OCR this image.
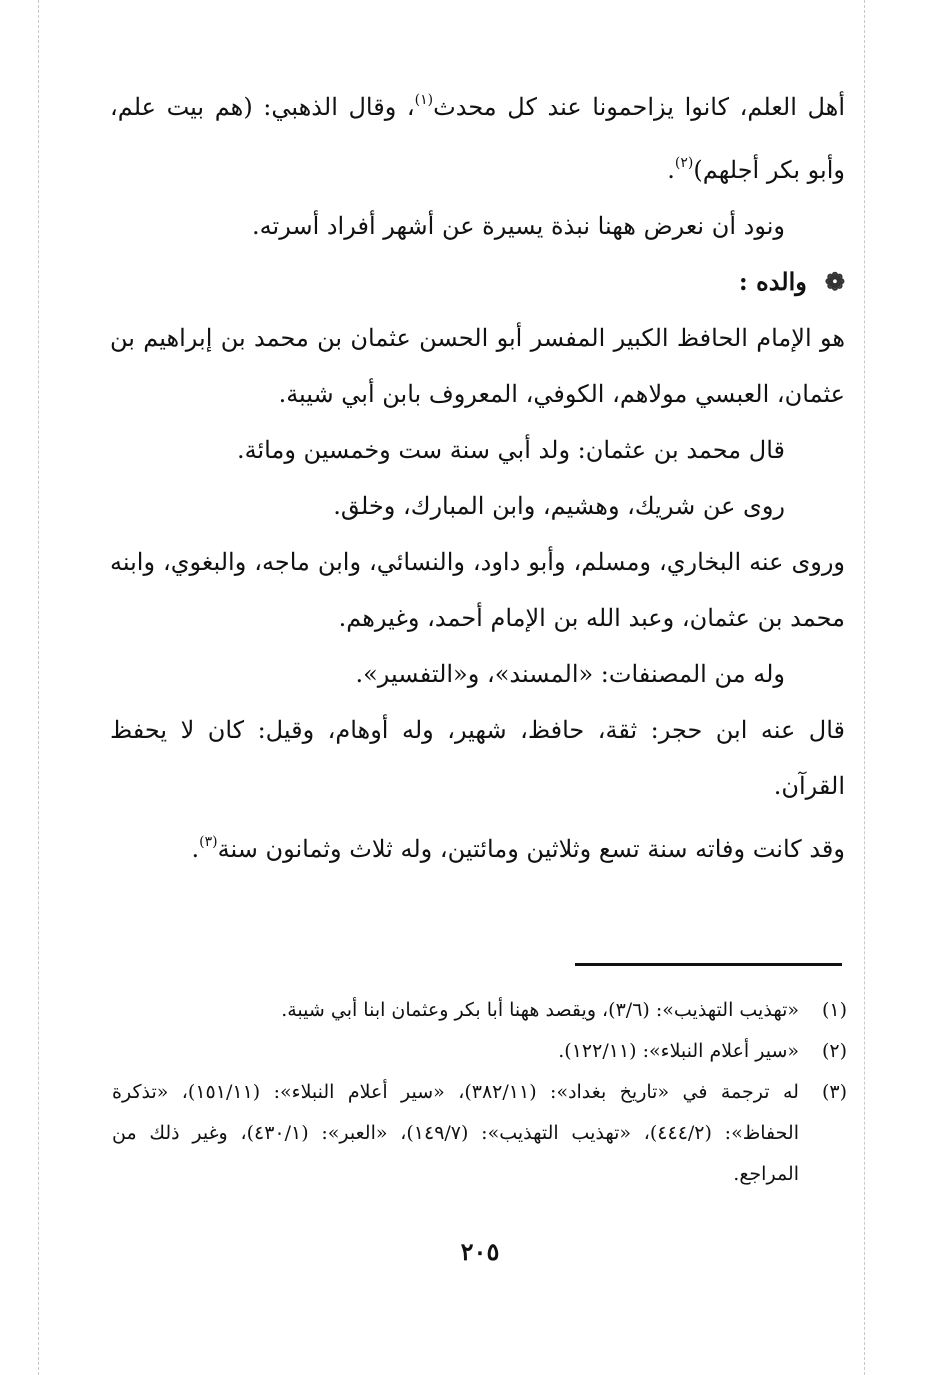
أهل العلم، كانوا يزاحمونا عند كل محدث$^{(١)}$، وقال الذهبي: (هم بيت علم، وأبو بكر أجلهم)$^{(٢)}$.

ونود أن نعرض ههنا نبذة يسيرة عن أشهر أفراد أسرته.

❁والده :

هو الإمام الحافظ الكبير المفسر أبو الحسن عثمان بن محمد بن إبراهيم بن عثمان، العبسي مولاهم، الكوفي، المعروف بابن أبي شيبة.

قال محمد بن عثمان: ولد أبي سنة ست وخمسين ومائة.

روى عن شريك، وهشيم، وابن المبارك، وخلق.

وروى عنه البخاري، ومسلم، وأبو داود، والنسائي، وابن ماجه، والبغوي، وابنه محمد بن عثمان، وعبد الله بن الإمام أحمد، وغيرهم.

وله من المصنفات: «المسند»، و«التفسير».

قال عنه ابن حجر: ثقة، حافظ، شهير، وله أوهام، وقيل: كان لا يحفظ القرآن.

وقد كانت وفاته سنة تسع وثلاثين ومائتين، وله ثلاث وثمانون سنة$^{(٣)}$.

(١)
«تهذيب التهذيب»: (٣/٦)، ويقصد ههنا أبا بكر وعثمان ابنا أبي شيبة.
(٢)
«سير أعلام النبلاء»: (١٢٢/١١).
(٣)
له ترجمة في «تاريخ بغداد»: (٣٨٢/١١)، «سير أعلام النبلاء»: (١٥١/١١)، «تذكرة الحفاظ»: (٤٤٤/٢)، «تهذيب التهذيب»: (١٤٩/٧)، «العبر»: (٤٣٠/١)، وغير ذلك من المراجع.
٢٠٥
